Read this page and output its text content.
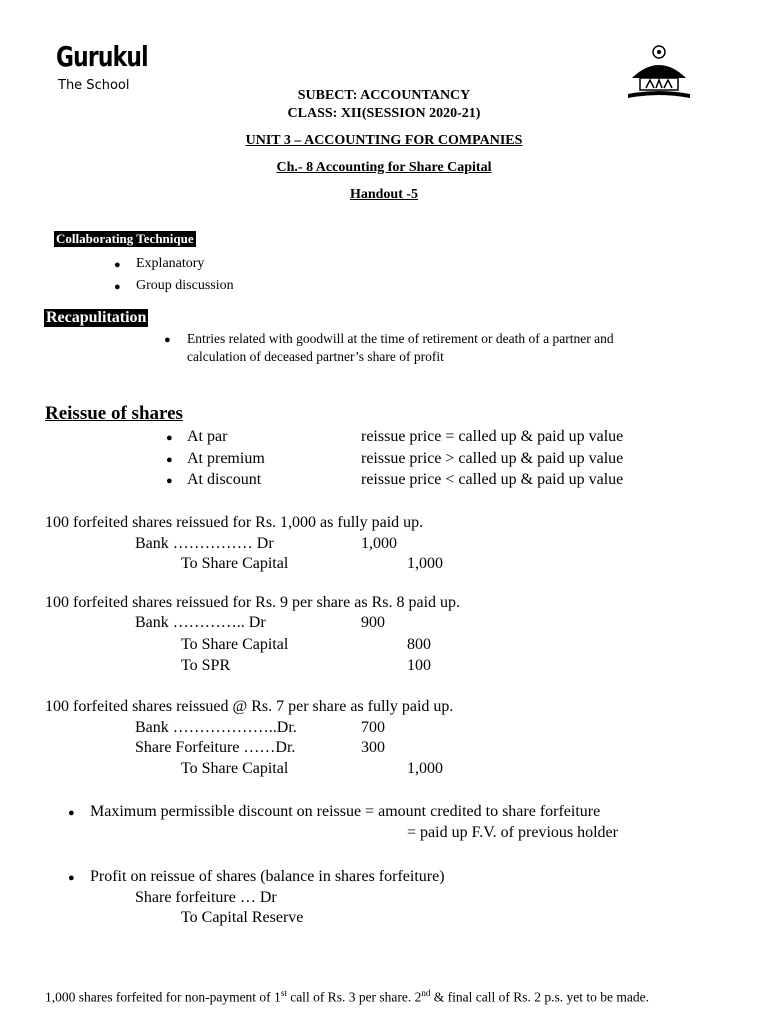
Gurukul
The School
SUBECT: ACCOUNTANCY
CLASS: XII(SESSION 2020-21)
UNIT 3 – ACCOUNTING FOR COMPANIES
Ch.- 8 Accounting for Share Capital
Handout -5
Collaborating Technique
● Explanatory
● Group discussion
Recapulitation
● Entries related with goodwill at the time of retirement or death of a partner and
calculation of deceased partner’s share of profit
Reissue of shares
● At par	reissue price = called up & paid up value
● At premium	reissue price > called up & paid up value
● At discount	reissue price < called up & paid up value
100 forfeited shares reissued for Rs. 1,000 as fully paid up.
Bank …………… Dr	1,000
To Share Capital	1,000
100 forfeited shares reissued for Rs. 9 per share as Rs. 8 paid up.
Bank ………….. Dr	900
To Share Capital	800
To SPR	100
100 forfeited shares reissued @ Rs. 7 per share as fully paid up.
Bank ………………..Dr.	700
Share Forfeiture ……Dr.	300
To Share Capital	1,000
● Maximum permissible discount on reissue = amount credited to share forfeiture
= paid up F.V. of previous holder
● Profit on reissue of shares (balance in shares forfeiture)
Share forfeiture … Dr
To Capital Reserve
1,000 shares forfeited for non-payment of 1st call of Rs. 3 per share. 2nd & final call of Rs. 2 p.s. yet to be made.
